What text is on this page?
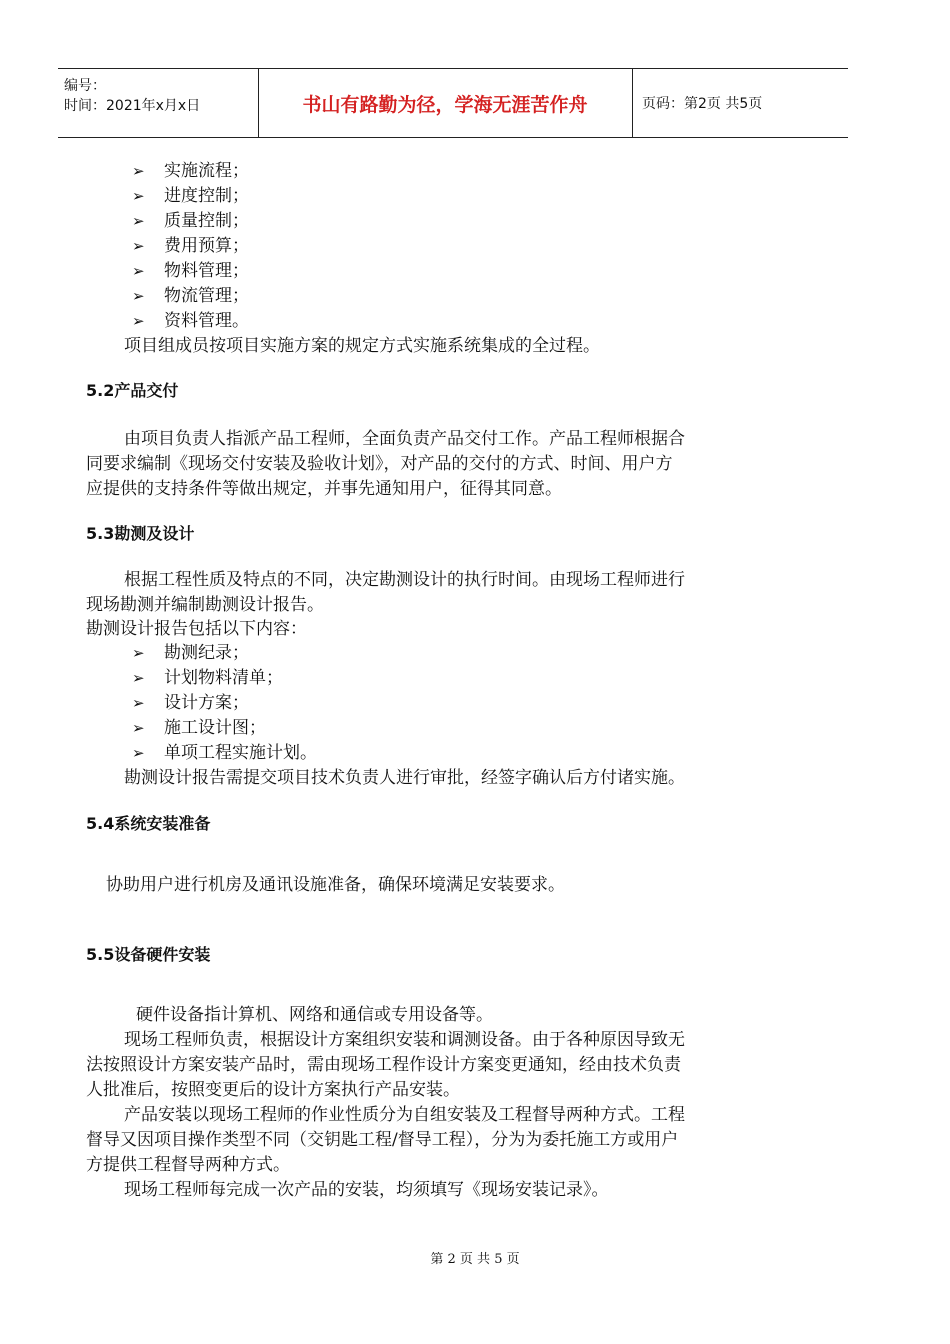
编号：
时间：2021年x月x日	书山有路勤为径，学海无涯苦作舟	页码：第2页 共5页
➢ 实施流程；
➢ 进度控制；
➢ 质量控制；
➢ 费用预算；
➢ 物料管理；
➢ 物流管理；
➢ 资料管理。
项目组成员按项目实施方案的规定方式实施系统集成的全过程。
5.2产品交付
由项目负责人指派产品工程师，全面负责产品交付工作。产品工程师根据合
同要求编制《现场交付安装及验收计划》，对产品的交付的方式、时间、用户方
应提供的支持条件等做出规定，并事先通知用户，征得其同意。
5.3勘测及设计
根据工程性质及特点的不同，决定勘测设计的执行时间。由现场工程师进行
现场勘测并编制勘测设计报告。
勘测设计报告包括以下内容：
➢ 勘测纪录；
➢ 计划物料清单；
➢ 设计方案；
➢ 施工设计图；
➢ 单项工程实施计划。
勘测设计报告需提交项目技术负责人进行审批，经签字确认后方付诸实施。
5.4系统安装准备
协助用户进行机房及通讯设施准备，确保环境满足安装要求。
5.5设备硬件安装
硬件设备指计算机、网络和通信或专用设备等。
现场工程师负责，根据设计方案组织安装和调测设备。由于各种原因导致无
法按照设计方案安装产品时，需由现场工程作设计方案变更通知，经由技术负责
人批准后，按照变更后的设计方案执行产品安装。
产品安装以现场工程师的作业性质分为自组安装及工程督导两种方式。工程
督导又因项目操作类型不同（交钥匙工程/督导工程），分为为委托施工方或用户
方提供工程督导两种方式。
现场工程师每完成一次产品的安装，均须填写《现场安装记录》。
第 2 页 共 5 页
